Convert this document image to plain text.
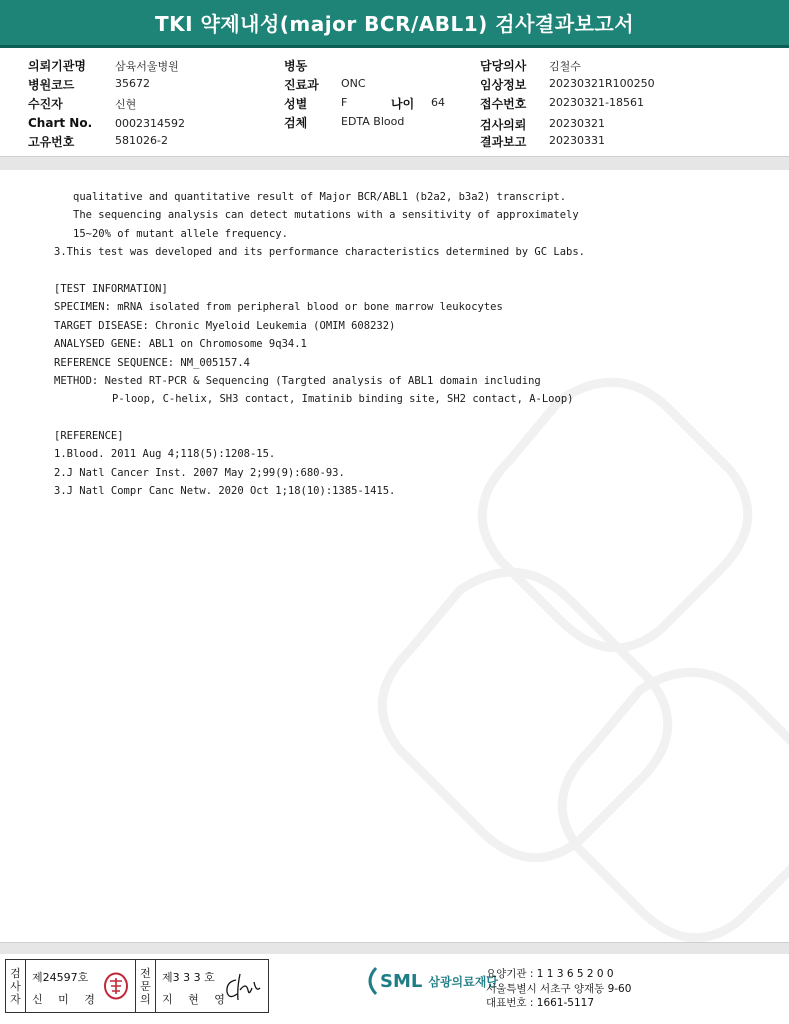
TKI 약제내성(major BCR/ABL1) 검사결과보고서
의뢰기관명	삼육서울병원
병원코드	35672
수진자	신현
Chart No. 0002314592
고유번호	581026-2
병동
진료과 ONC
성별	F	나이 64
검체	EDTA Blood
담당의사 김철수
임상정보 20230321R100250
접수번호 20230321-18561
검사의뢰 20230321
결과보고 20230331
qualitative and quantitative result of Major BCR/ABL1 (b2a2, b3a2) transcript.
The sequencing analysis can detect mutations with a sensitivity of approximately
15~20% of mutant allele frequency.
3.This test was developed and its performance characteristics determined by GC Labs.
[TEST INFORMATION]
SPECIMEN: mRNA isolated from peripheral blood or bone marrow leukocytes
TARGET DISEASE: Chronic Myeloid Leukemia (OMIM 608232)
ANALYSED GENE: ABL1 on Chromosome 9q34.1
REFERENCE SEQUENCE: NM_005157.4
METHOD: Nested RT-PCR & Sequencing (Targted analysis of ABL1 domain including
P-loop, C-helix, SH3 contact, Imatinib binding site, SH2 contact, A-Loop)
[REFERENCE]
1.Blood. 2011 Aug 4;118(5):1208-15.
2.J Natl Cancer Inst. 2007 May 2;99(9):680-93.
3.J Natl Compr Canc Netw. 2020 Oct 1;18(10):1385-1415.
검
사
자
제24597호
신 미 경
전
문
의
제3 3 3 호
지 현 영
SML 삼광의료재단
요양기관 : 1 1 3 6 5 2 0 0
서울특별시 서초구 양재동 9-60
대표번호 : 1661-5117
